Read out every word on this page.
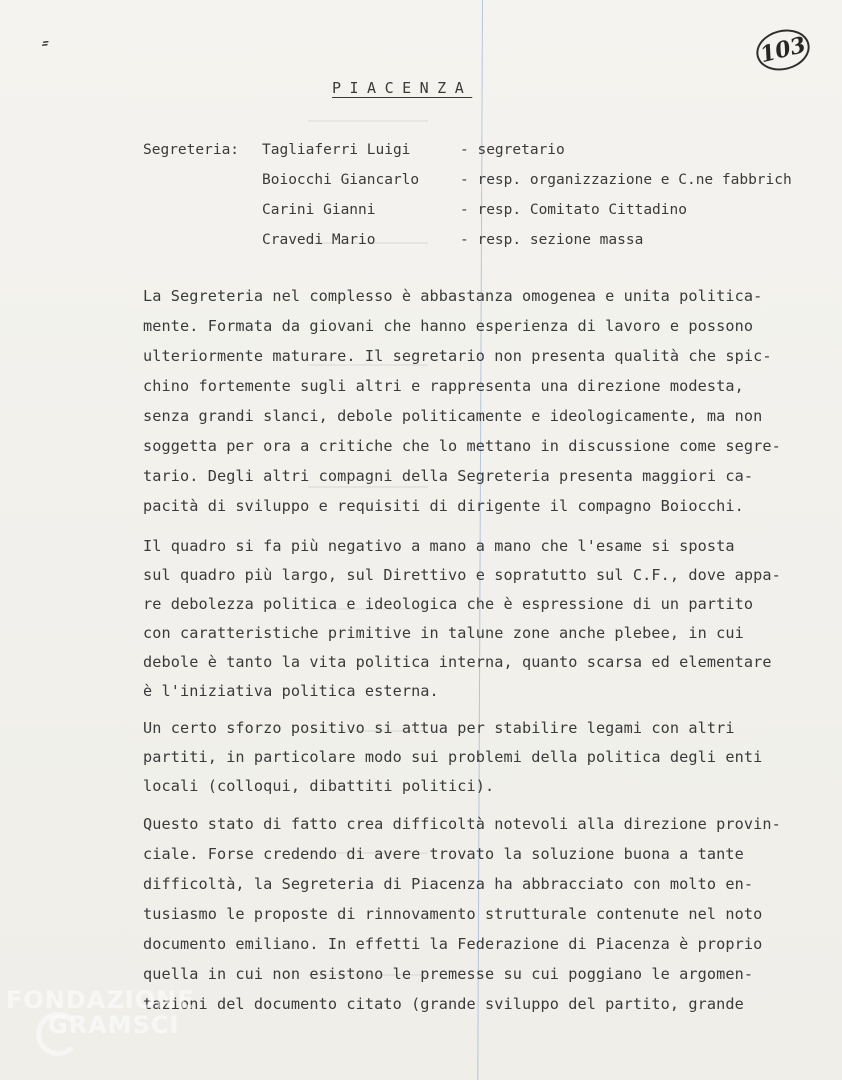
⸗	103
PIACENZA
Segreteria: Tagliaferri Luigi	- segretario
Boiocchi Giancarlo	- resp. organizzazione e C.ne fabbrich
Carini Gianni	- resp. Comitato Cittadino
Cravedi Mario	- resp. sezione massa
La Segreteria nel complesso è abbastanza omogenea e unita politica-
mente. Formata da giovani che hanno esperienza di lavoro e possono
ulteriormente maturare. Il segretario non presenta qualità che spic-
chino fortemente sugli altri e rappresenta una direzione modesta,
senza grandi slanci, debole politicamente e ideologicamente, ma non
soggetta per ora a critiche che lo mettano in discussione come segre-
tario. Degli altri compagni della Segreteria presenta maggiori ca-
pacità di sviluppo e requisiti di dirigente il compagno Boiocchi.
Il quadro si fa più negativo a mano a mano che l'esame si sposta
sul quadro più largo, sul Direttivo e sopratutto sul C.F., dove appa-
re debolezza politica e ideologica che è espressione di un partito
con caratteristiche primitive in talune zone anche plebee, in cui
debole è tanto la vita politica interna, quanto scarsa ed elementare
è l'iniziativa politica esterna.
Un certo sforzo positivo si attua per stabilire legami con altri
partiti, in particolare modo sui problemi della politica degli enti
locali (colloqui, dibattiti politici).
Questo stato di fatto crea difficoltà notevoli alla direzione provin-
ciale. Forse credendo di avere trovato la soluzione buona a tante
difficoltà, la Segreteria di Piacenza ha abbracciato con molto en-
tusiasmo le proposte di rinnovamento strutturale contenute nel noto
documento emiliano. In effetti la Federazione di Piacenza è proprio
quella in cui non esistono le premesse su cui poggiano le argomen-
tazioni del documento citato (grande sviluppo del partito, grande
FONDAZIONE
GRAMSCI
